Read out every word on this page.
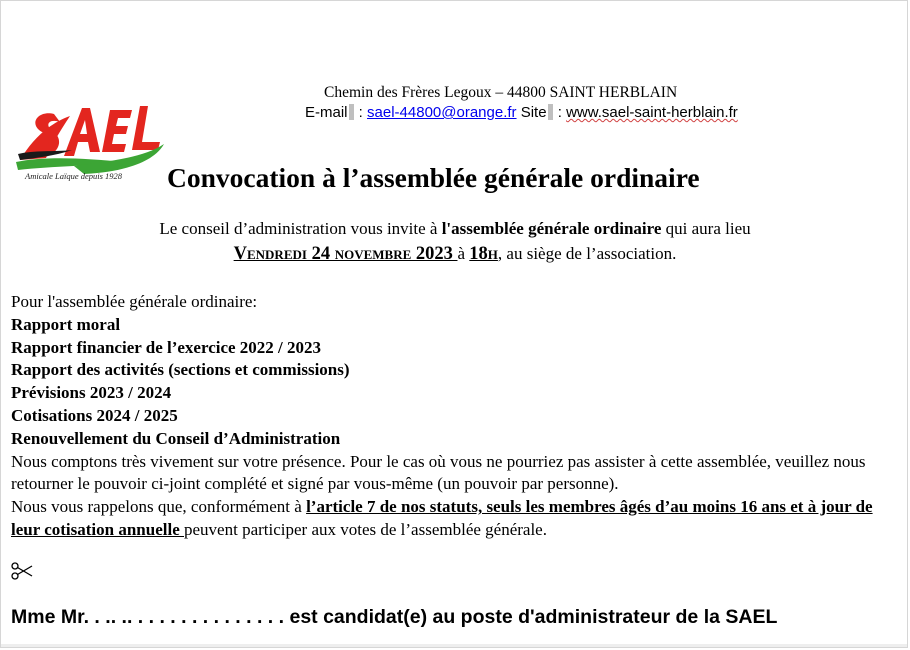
Amicale Laïque depuis 1928
Chemin des Frères Legoux – 44800 SAINT HERBLAIN
E-mail : sael-44800@orange.fr Site : www.sael-saint-herblain.fr
Convocation à l’assemblée générale ordinaire
Le conseil d’administration vous invite à l'assemblée générale ordinaire qui aura lieu
Vendredi 24 novembre 2023 à 18h, au siège de l’association.
Pour l'assemblée générale ordinaire:
Rapport moral
Rapport financier de l’exercice 2022 / 2023
Rapport des activités (sections et commissions)
Prévisions 2023 / 2024
Cotisations 2024 / 2025
Renouvellement du Conseil d’Administration
Nous comptons très vivement sur votre présence. Pour le cas où vous ne pourriez pas assister à cette assemblée, veuillez nous retourner le pouvoir ci-joint complété et signé par vous-même (un pouvoir par personne).
Nous vous rappelons que, conformément à l’article 7 de nos statuts, seuls les membres âgés d’au moins 16 ans et à jour de leur cotisation annuelle peuvent participer aux votes de l’assemblée générale.
Mme Mr. . .. .. . . . . . . . . . . . . . . est candidat(e) au poste d'administrateur de la SAEL
